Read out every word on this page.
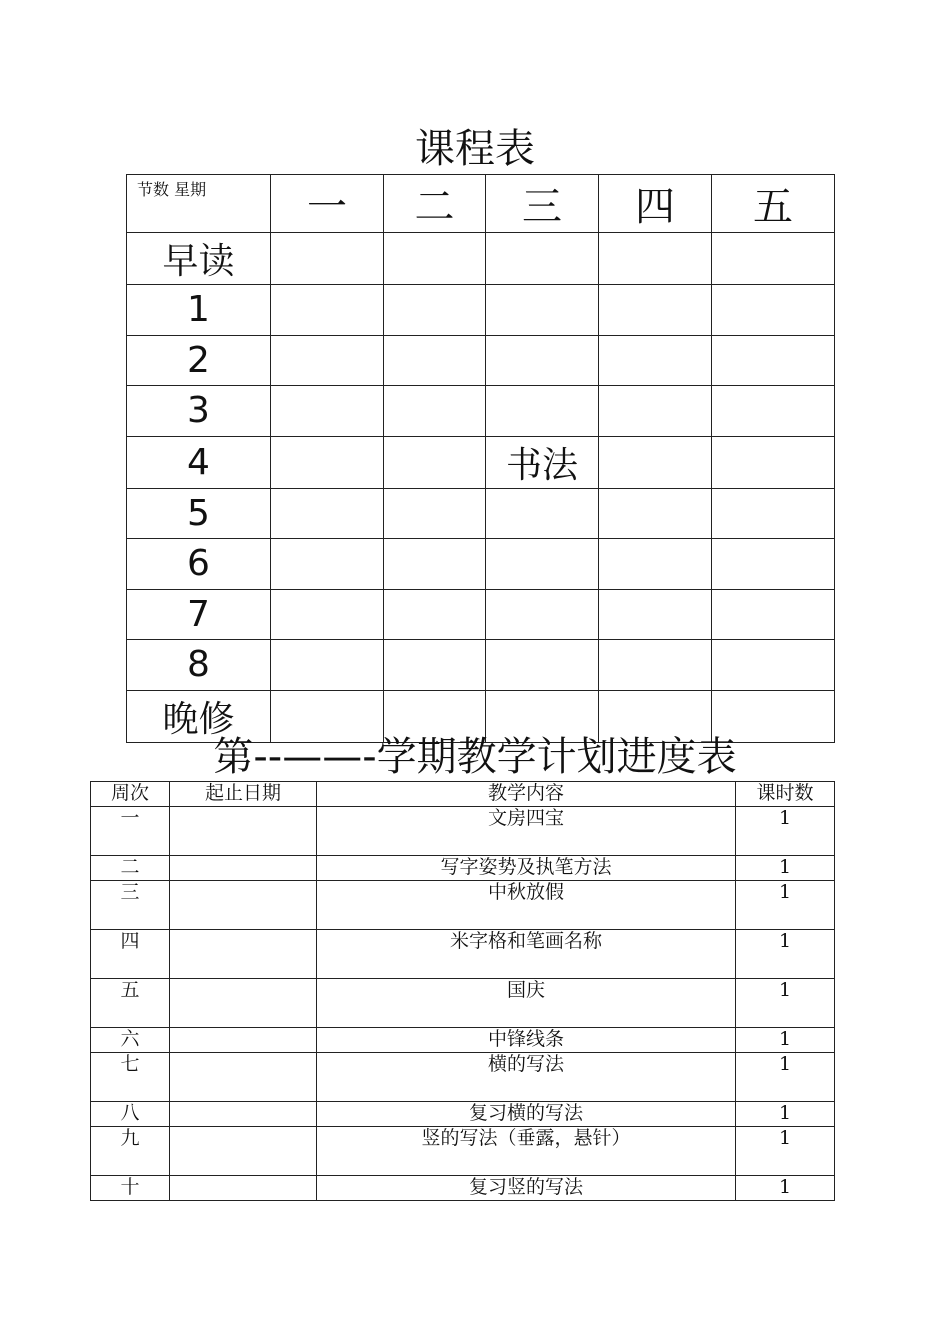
课程表
节数 星期	一	二	三	四	五
早读					
1					
2					
3					
4			书法		
5					
6					
7					
8					
晚修					
第--——-学期教学计划进度表
周次	起止日期	教学内容	课时数
一		文房四宝	1
二		写字姿势及执笔方法	1
三		中秋放假	1
四		米字格和笔画名称	1
五		国庆	1
六		中锋线条	1
七		横的写法	1
八		复习横的写法	1
九		竖的写法（垂露，悬针）	1
十		复习竖的写法	1
